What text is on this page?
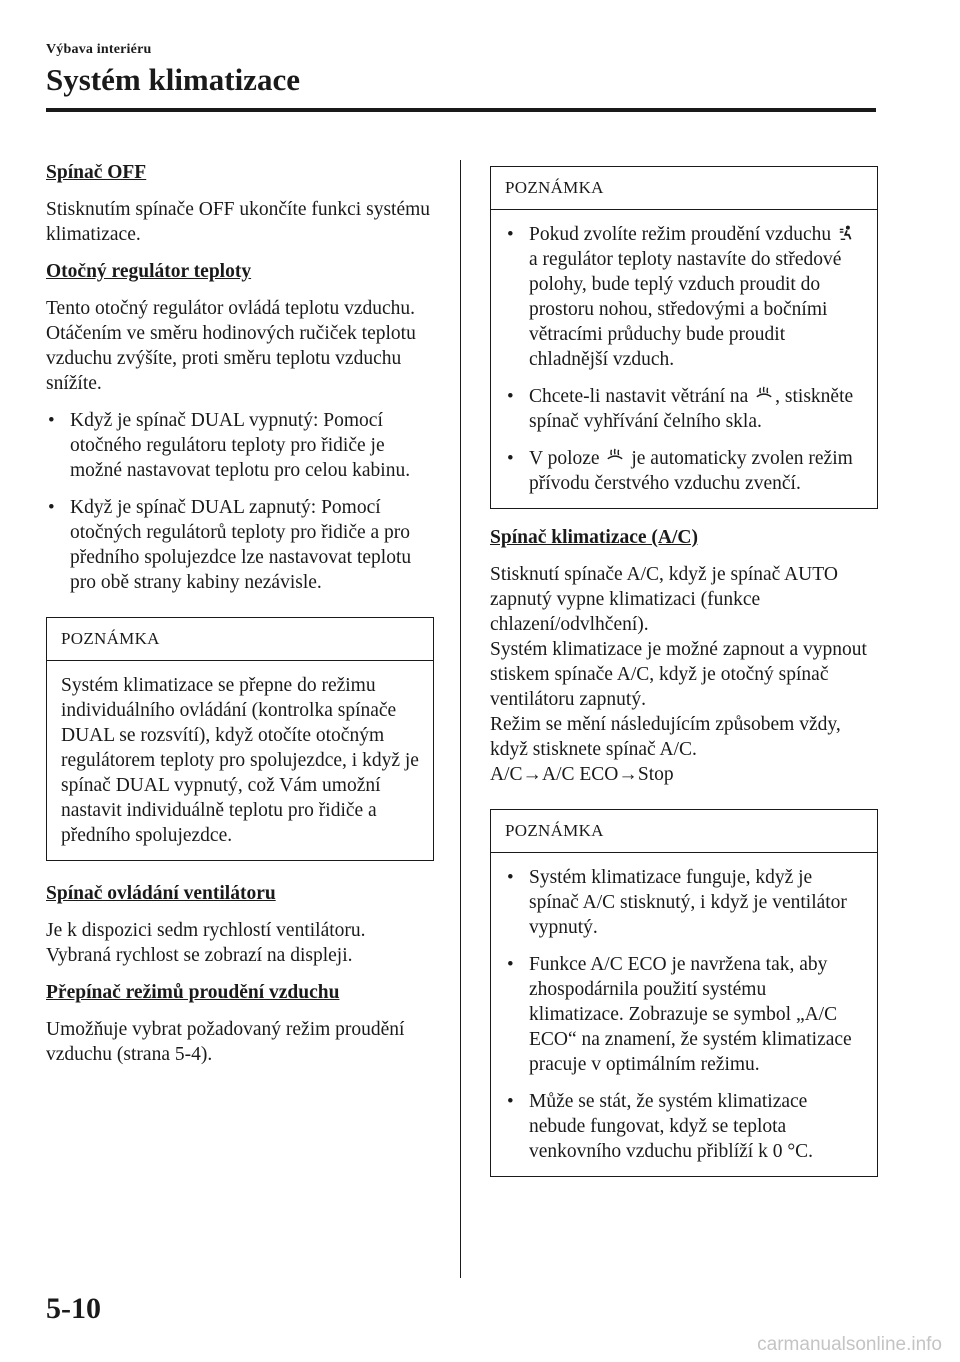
Výbava interiéru
Systém klimatizace
Spínač OFF

Stisknutím spínače OFF ukončíte funkci systému klimatizace.

Otočný regulátor teploty

Tento otočný regulátor ovládá teplotu vzduchu. Otáčením ve směru hodinových ručiček teplotu vzduchu zvýšíte, proti směru teplotu vzduchu snížíte.

• Když je spínač DUAL vypnutý: Pomocí otočného regulátoru teploty pro řidiče je možné nastavovat teplotu pro celou kabinu.
• Když je spínač DUAL zapnutý: Pomocí otočných regulátorů teploty pro řidiče a pro předního spolujezdce lze nastavovat teplotu pro obě strany kabiny nezávisle.
POZNÁMKA
Systém klimatizace se přepne do režimu individuálního ovládání (kontrolka spínače DUAL se rozsvítí), když otočíte otočným regulátorem teploty pro spolujezdce, i když je spínač DUAL vypnutý, což Vám umožní nastavit individuálně teplotu pro řidiče a předního spolujezdce.
Spínač ovládání ventilátoru

Je k dispozici sedm rychlostí ventilátoru. Vybraná rychlost se zobrazí na displeji.

Přepínač režimů proudění vzduchu

Umožňuje vybrat požadovaný režim proudění vzduchu (strana 5-4).

POZNÁMKA
• Pokud zvolíte režim proudění vzduchu  a regulátor teploty nastavíte do středové polohy, bude teplý vzduch proudit do prostoru nohou, středovými a bočními větracími průduchy bude proudit chladnější vzduch.
• Chcete-li nastavit větrání na , stiskněte spínač vyhřívání čelního skla.
• V poloze je automaticky zvolen režim přívodu čerstvého vzduchu zvenčí.
Spínač klimatizace (A/C)

Stisknutí spínače A/C, když je spínač AUTO zapnutý vypne klimatizaci (funkce chlazení/odvlhčení).
Systém klimatizace je možné zapnout a vypnout stiskem spínače A/C, když je otočný spínač ventilátoru zapnutý.
Režim se mění následujícím způsobem vždy, když stisknete spínač A/C.
A/C→A/C ECO→Stop

POZNÁMKA
• Systém klimatizace funguje, když je spínač A/C stisknutý, i když je ventilátor vypnutý.
• Funkce A/C ECO je navržena tak, aby zhospodárnila použití systému klimatizace. Zobrazuje se symbol „A/C ECO“ na znamení, že systém klimatizace pracuje v optimálním režimu.
• Může se stát, že systém klimatizace nebude fungovat, když se teplota venkovního vzduchu přiblíží k 0 °C.
5-10
carmanualsonline.info
